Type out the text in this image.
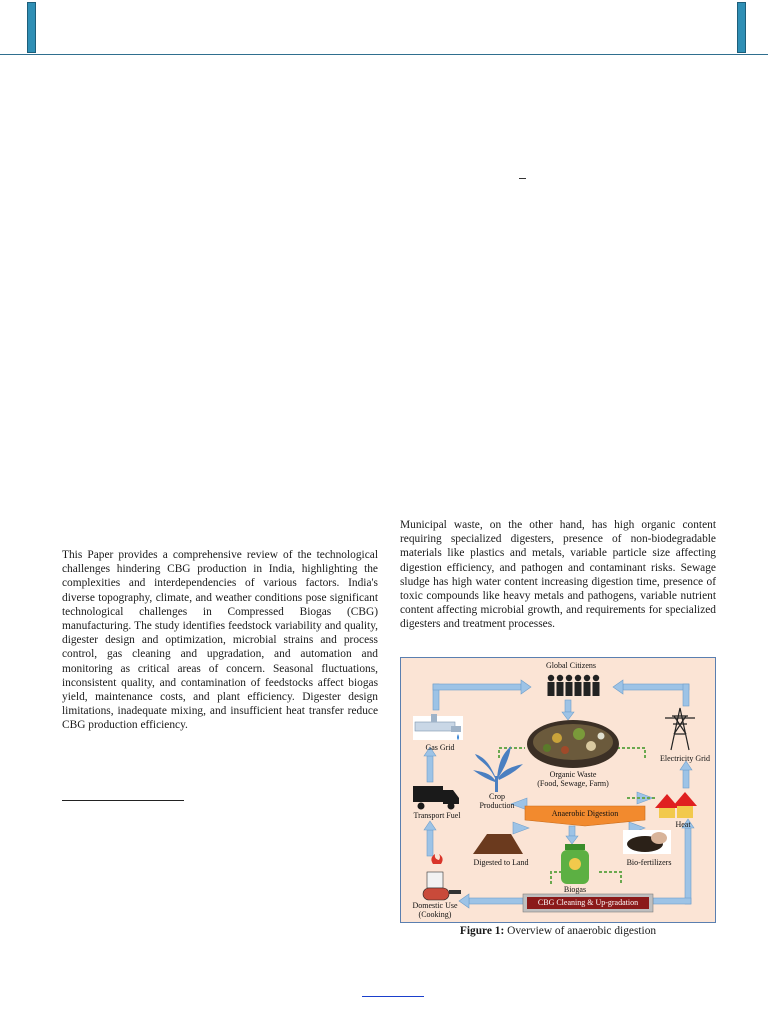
This Paper provides a comprehensive review of the technological challenges hindering CBG production in India, highlighting the complexities and interdependencies of various factors. India's diverse topography, climate, and weather conditions pose significant technological challenges in Compressed Biogas (CBG) manufacturing. The study identifies feedstock variability and quality, digester design and optimization, microbial strains and process control, gas cleaning and upgradation, and automation and monitoring as critical areas of concern. Seasonal fluctuations, inconsistent quality, and contamination of feedstocks affect biogas yield, maintenance costs, and plant efficiency. Digester design limitations, inadequate mixing, and insufficient heat transfer reduce CBG production efficiency.
Municipal waste, on the other hand, has high organic content requiring specialized digesters, presence of non-biodegradable materials like plastics and metals, variable particle size affecting digestion efficiency, and pathogen and contaminant risks. Sewage sludge has high water content increasing digestion time, presence of toxic compounds like heavy metals and pathogens, variable nutrient content affecting microbial growth, and requirements for specialized digesters and treatment processes.
Global Citizens
Gas Grid
Electricity Grid
Organic Waste
(Food, Sewage, Farm)
Crop
Production
Transport Fuel	Anaerobic Digestion
Heat
Digested to Land	Bio-fertilizers
Biogas
Domestic Use
(Cooking)
CBG Cleaning & Up-gradation
Figure 1: Overview of anaerobic digestion
